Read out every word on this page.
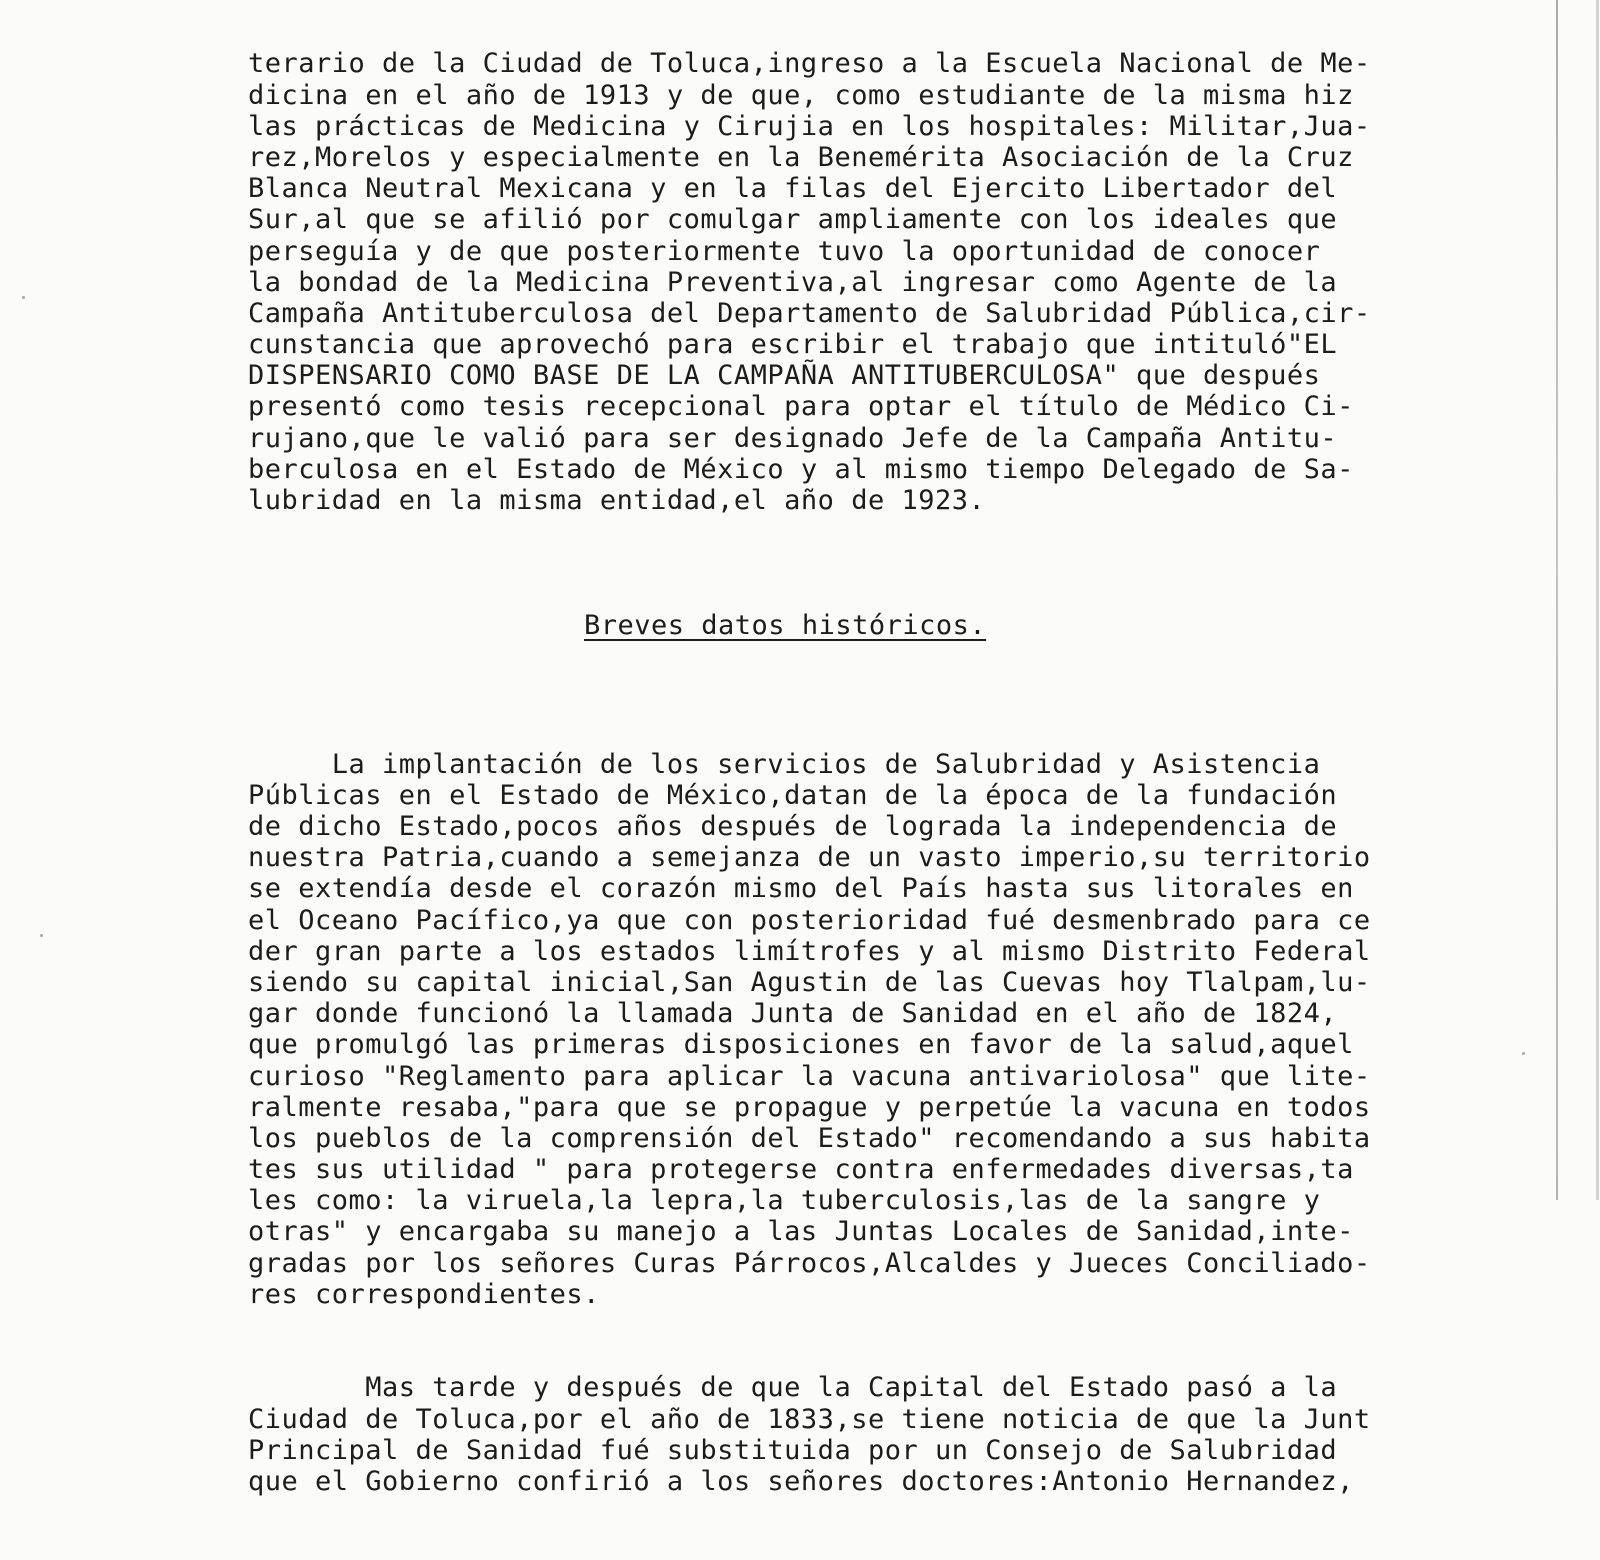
terario de la Ciudad de Toluca,ingreso a la Escuela Nacional de Me-
dicina en el año de 1913 y de que, como estudiante de la misma hiz
las prácticas de Medicina y Cirujia en los hospitales: Militar,Jua-
rez,Morelos y especialmente en la Benemérita Asociación de la Cruz
Blanca Neutral Mexicana y en la filas del Ejercito Libertador del
Sur,al que se afilió por comulgar ampliamente con los ideales que
perseguía y de que posteriormente tuvo la oportunidad de conocer
la bondad de la Medicina Preventiva,al ingresar como Agente de la
Campaña Antituberculosa del Departamento de Salubridad Pública,cir-
cunstancia que aprovechó para escribir el trabajo que intituló"EL
DISPENSARIO COMO BASE DE LA CAMPAÑA ANTITUBERCULOSA" que después
presentó como tesis recepcional para optar el título de Médico Ci-
rujano,que le valió para ser designado Jefe de la Campaña Antitu-
berculosa en el Estado de México y al mismo tiempo Delegado de Sa-
lubridad en la misma entidad,el año de 1923.

Breves datos históricos.

La implantación de los servicios de Salubridad y Asistencia
Públicas en el Estado de México,datan de la época de la fundación
de dicho Estado,pocos años después de lograda la independencia de
nuestra Patria,cuando a semejanza de un vasto imperio,su territorio
se extendía desde el corazón mismo del País hasta sus litorales en
el Oceano Pacífico,ya que con posterioridad fué desmenbrado para ce
der gran parte a los estados limítrofes y al mismo Distrito Federal
siendo su capital inicial,San Agustin de las Cuevas hoy Tlalpam,lu-
gar donde funcionó la llamada Junta de Sanidad en el año de 1824,
que promulgó las primeras disposiciones en favor de la salud,aquel
curioso "Reglamento para aplicar la vacuna antivariolosa" que lite-
ralmente resaba,"para que se propague y perpetúe la vacuna en todos
los pueblos de la comprensión del Estado" recomendando a sus habita
tes sus utilidad " para protegerse contra enfermedades diversas,ta
les como: la viruela,la lepra,la tuberculosis,las de la sangre y
otras" y encargaba su manejo a las Juntas Locales de Sanidad,inte-
gradas por los señores Curas Párrocos,Alcaldes y Jueces Conciliado-
res correspondientes.

Mas tarde y después de que la Capital del Estado pasó a la
Ciudad de Toluca,por el año de 1833,se tiene noticia de que la Junt
Principal de Sanidad fué substituida por un Consejo de Salubridad
que el Gobierno confirió a los señores doctores:Antonio Hernandez,
